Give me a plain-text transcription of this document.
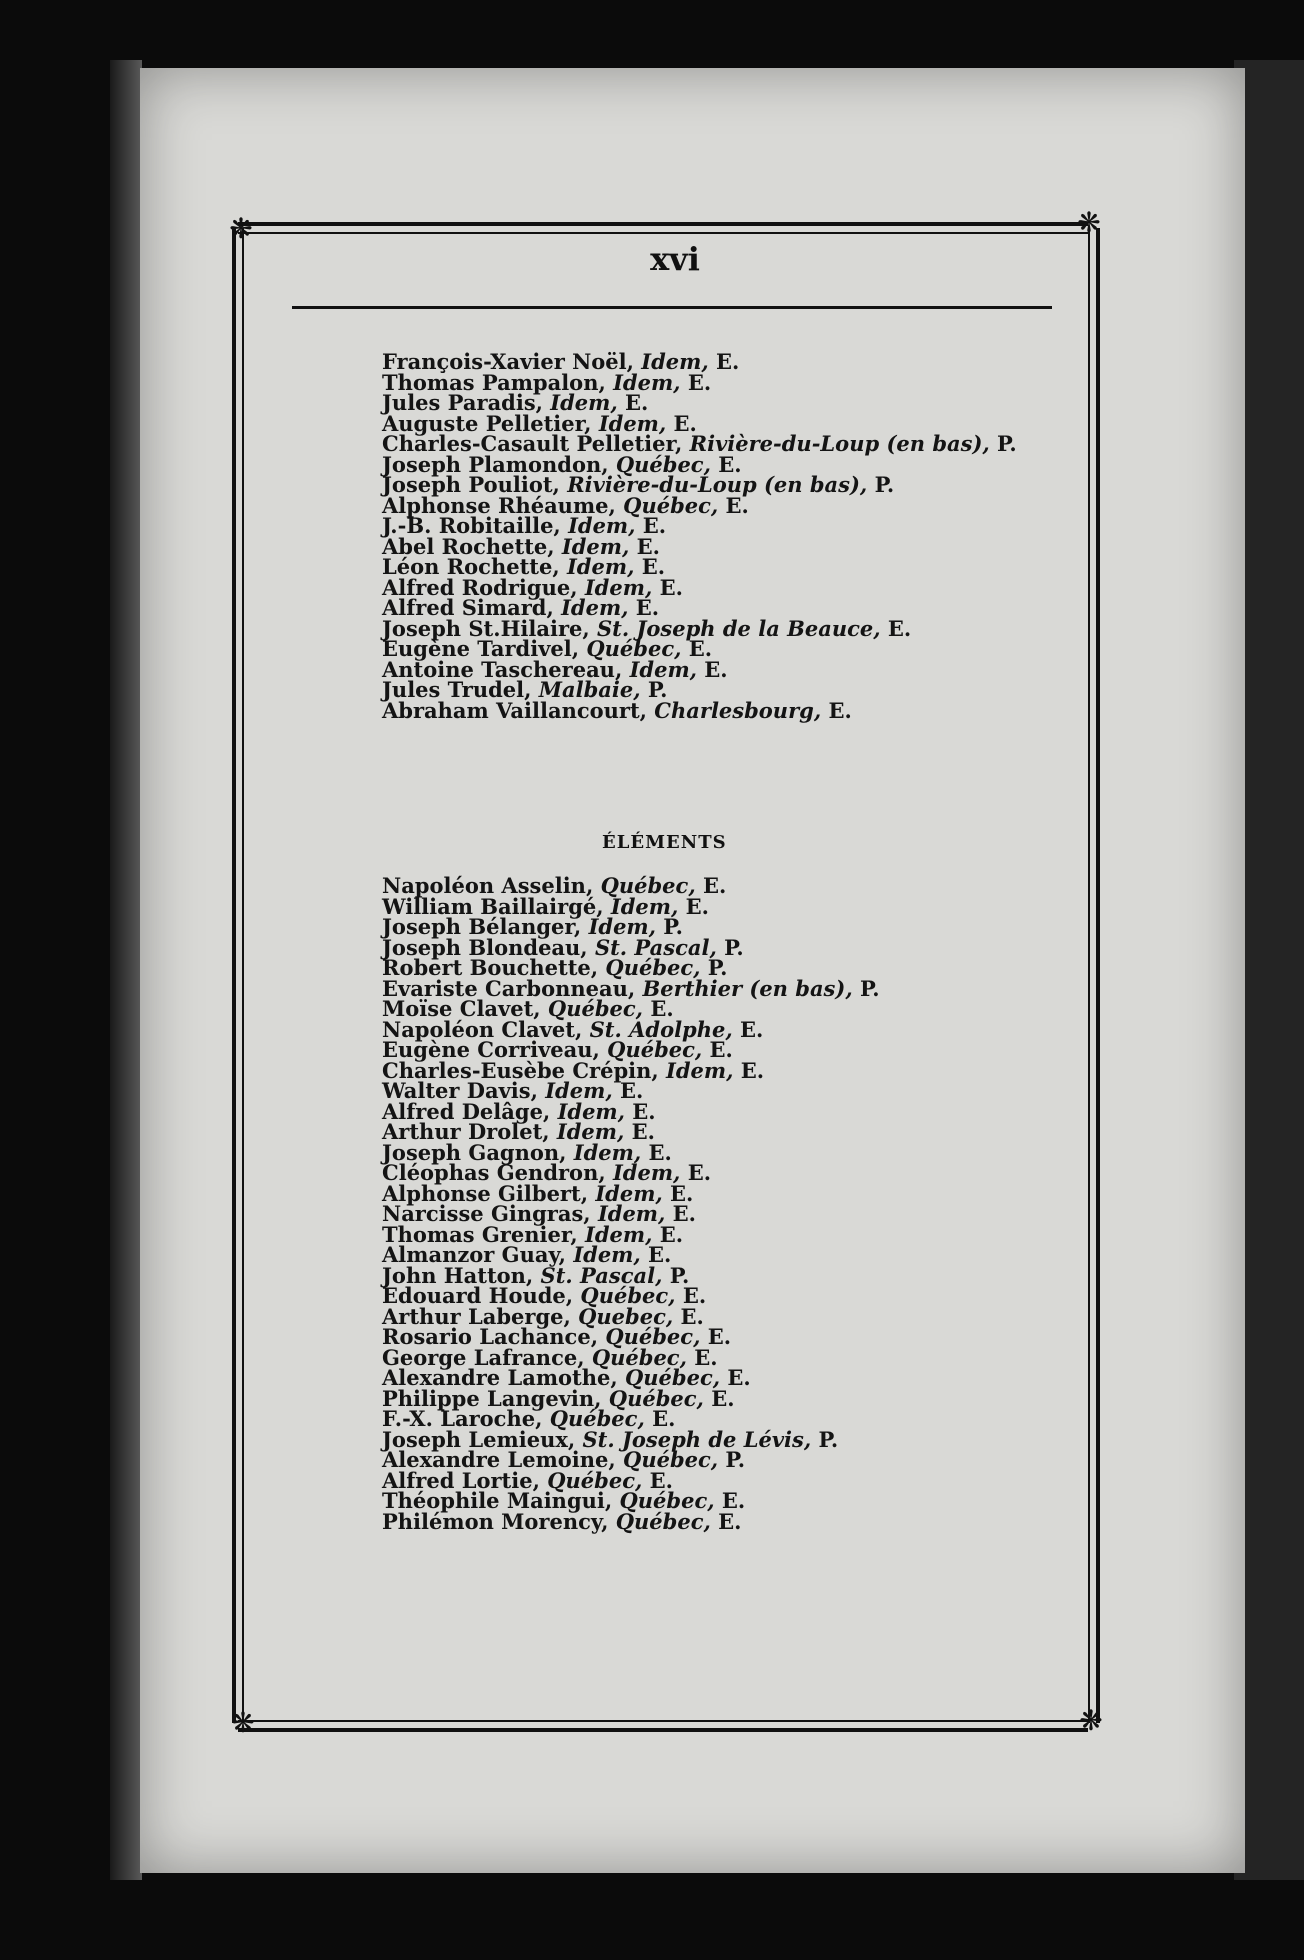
❋	❋
❋	❋
xvi
François-Xavier Noël, Idem, E.
Thomas Pampalon, Idem, E.
Jules Paradis, Idem, E.
Auguste Pelletier, Idem, E.
Charles-Casault Pelletier, Rivière-du-Loup (en bas), P.
Joseph Plamondon, Québec, E.
Joseph Pouliot, Rivière-du-Loup (en bas), P.
Alphonse Rhéaume, Québec, E.
J.-B. Robitaille, Idem, E.
Abel Rochette, Idem, E.
Léon Rochette, Idem, E.
Alfred Rodrigue, Idem, E.
Alfred Simard, Idem, E.
Joseph St.Hilaire, St. Joseph de la Beauce, E.
Eugène Tardivel, Québec, E.
Antoine Taschereau, Idem, E.
Jules Trudel, Malbaie, P.
Abraham Vaillancourt, Charlesbourg, E.
ÉLÉMENTS
Napoléon Asselin, Québec, E.
William Baillairgé, Idem, E.
Joseph Bélanger, Idem, P.
Joseph Blondeau, St. Pascal, P.
Robert Bouchette, Québec, P.
Evariste Carbonneau, Berthier (en bas), P.
Moïse Clavet, Québec, E.
Napoléon Clavet, St. Adolphe, E.
Eugène Corriveau, Québec, E.
Charles-Eusèbe Crépin, Idem, E.
Walter Davis, Idem, E.
Alfred Delâge, Idem, E.
Arthur Drolet, Idem, E.
Joseph Gagnon, Idem, E.
Cléophas Gendron, Idem, E.
Alphonse Gilbert, Idem, E.
Narcisse Gingras, Idem, E.
Thomas Grenier, Idem, E.
Almanzor Guay, Idem, E.
John Hatton, St. Pascal, P.
Edouard Houde, Québec, E.
Arthur Laberge, Quebec, E.
Rosario Lachance, Québec, E.
George Lafrance, Québec, E.
Alexandre Lamothe, Québec, E.
Philippe Langevin, Québec, E.
F.-X. Laroche, Québec, E.
Joseph Lemieux, St. Joseph de Lévis, P.
Alexandre Lemoine, Québec, P.
Alfred Lortie, Québec, E.
Théophile Maingui, Québec, E.
Philémon Morency, Québec, E.
